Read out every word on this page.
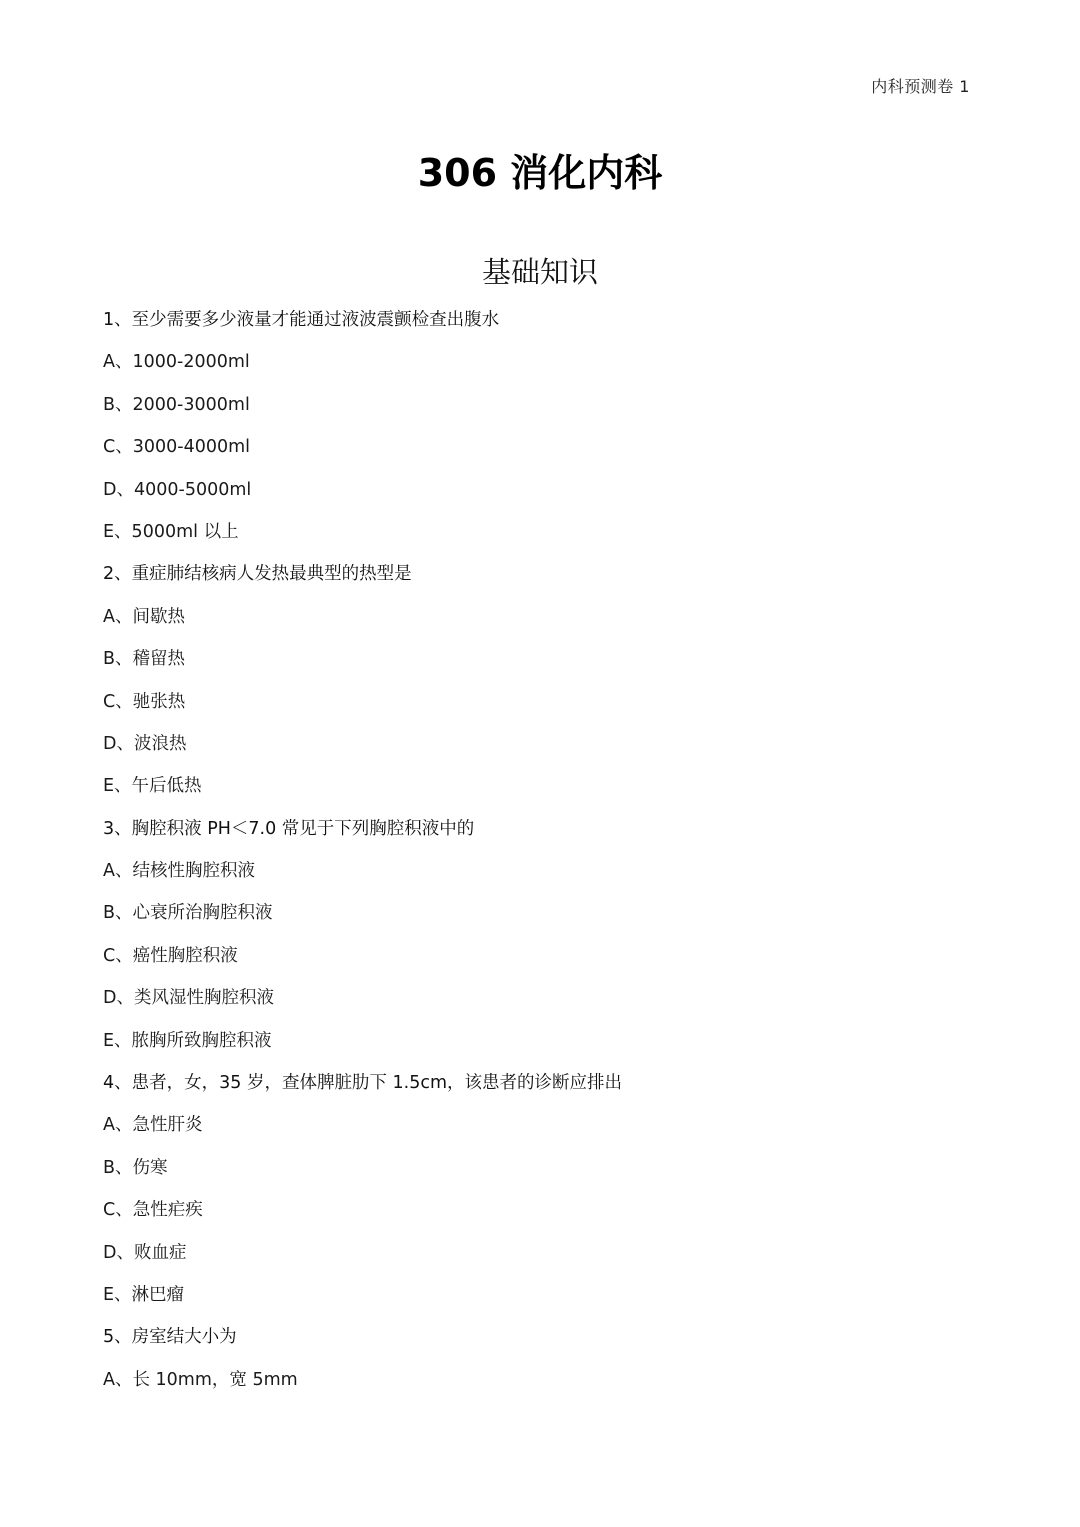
内科预测卷 1
306 消化内科
基础知识
1、至少需要多少液量才能通过液波震颤检查出腹水
A、1000-2000ml
B、2000-3000ml
C、3000-4000ml
D、4000-5000ml
E、5000ml 以上
2、重症肺结核病人发热最典型的热型是
A、间歇热
B、稽留热
C、驰张热
D、波浪热
E、午后低热
3、胸腔积液 PH＜7.0 常见于下列胸腔积液中的
A、结核性胸腔积液
B、心衰所治胸腔积液
C、癌性胸腔积液
D、类风湿性胸腔积液
E、脓胸所致胸腔积液
4、患者，女，35 岁，查体脾脏肋下 1.5cm，该患者的诊断应排出
A、急性肝炎
B、伤寒
C、急性疟疾
D、败血症
E、淋巴瘤
5、房室结大小为
A、长 10mm，宽 5mm
